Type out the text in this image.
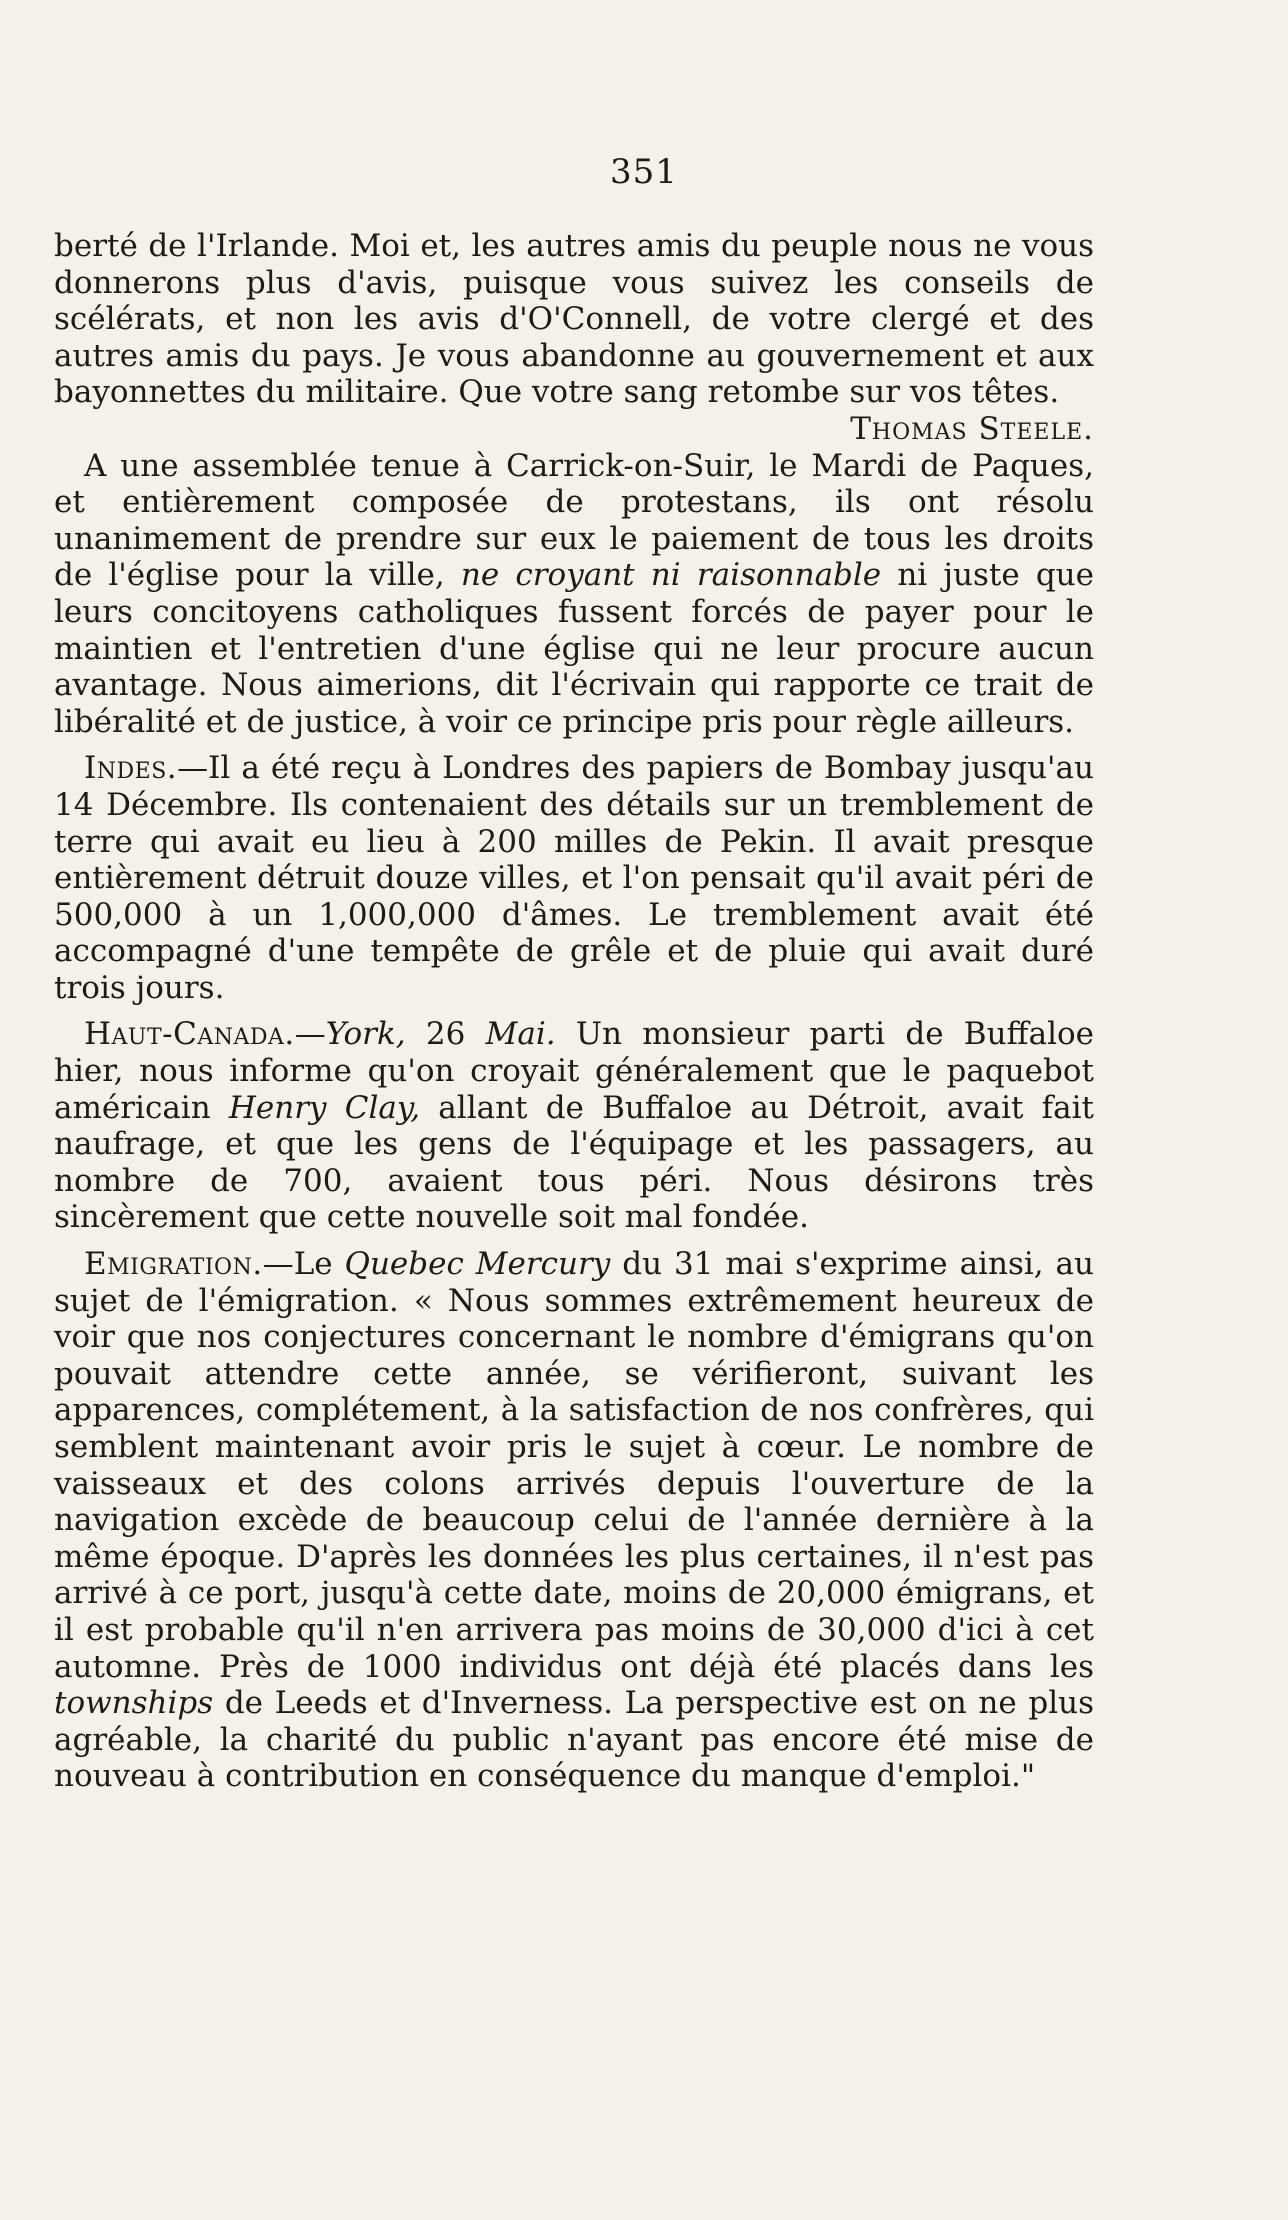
351

berté de l'Irlande. Moi et, les autres amis du peuple nous ne vous donnerons plus d'avis, puisque vous suivez les conseils de scélérats, et non les avis d'O'Connell, de votre clergé et des autres amis du pays. Je vous abandonne au gouvernement et aux bayonnettes du militaire. Que votre sang retombe sur vos têtes.
Thomas Steele.

A une assemblée tenue à Carrick-on-Suir, le Mardi de Paques, et entièrement composée de protestans, ils ont résolu unanimement de prendre sur eux le paiement de tous les droits de l'église pour la ville, ne croyant ni raisonnable ni juste que leurs concitoyens catholiques fussent forcés de payer pour le maintien et l'entretien d'une église qui ne leur procure aucun avantage. Nous aimerions, dit l'écrivain qui rapporte ce trait de libéralité et de justice, à voir ce principe pris pour règle ailleurs.

Indes.—Il a été reçu à Londres des papiers de Bombay jusqu'au 14 Décembre. Ils contenaient des détails sur un tremblement de terre qui avait eu lieu à 200 milles de Pekin. Il avait presque entièrement détruit douze villes, et l'on pensait qu'il avait péri de 500,000 à un 1,000,000 d'âmes. Le tremblement avait été accompagné d'une tempête de grêle et de pluie qui avait duré trois jours.

Haut-Canada.—York, 26 Mai. Un monsieur parti de Buffaloe hier, nous informe qu'on croyait généralement que le paquebot américain Henry Clay, allant de Buffaloe au Détroit, avait fait naufrage, et que les gens de l'équipage et les passagers, au nombre de 700, avaient tous péri. Nous désirons très sincèrement que cette nouvelle soit mal fondée.

Emigration.—Le Quebec Mercury du 31 mai s'exprime ainsi, au sujet de l'émigration. « Nous sommes extrêmement heureux de voir que nos conjectures concernant le nombre d'émigrans qu'on pouvait attendre cette année, se vérifieront, suivant les apparences, complétement, à la satisfaction de nos confrères, qui semblent maintenant avoir pris le sujet à cœur. Le nombre de vaisseaux et des colons arrivés depuis l'ouverture de la navigation excède de beaucoup celui de l'année dernière à la même époque. D'après les données les plus certaines, il n'est pas arrivé à ce port, jusqu'à cette date, moins de 20,000 émigrans, et il est probable qu'il n'en arrivera pas moins de 30,000 d'ici à cet automne. Près de 1000 individus ont déjà été placés dans les townships de Leeds et d'Inverness. La perspective est on ne plus agréable, la charité du public n'ayant pas encore été mise de nouveau à contribution en conséquence du manque d'emploi."
